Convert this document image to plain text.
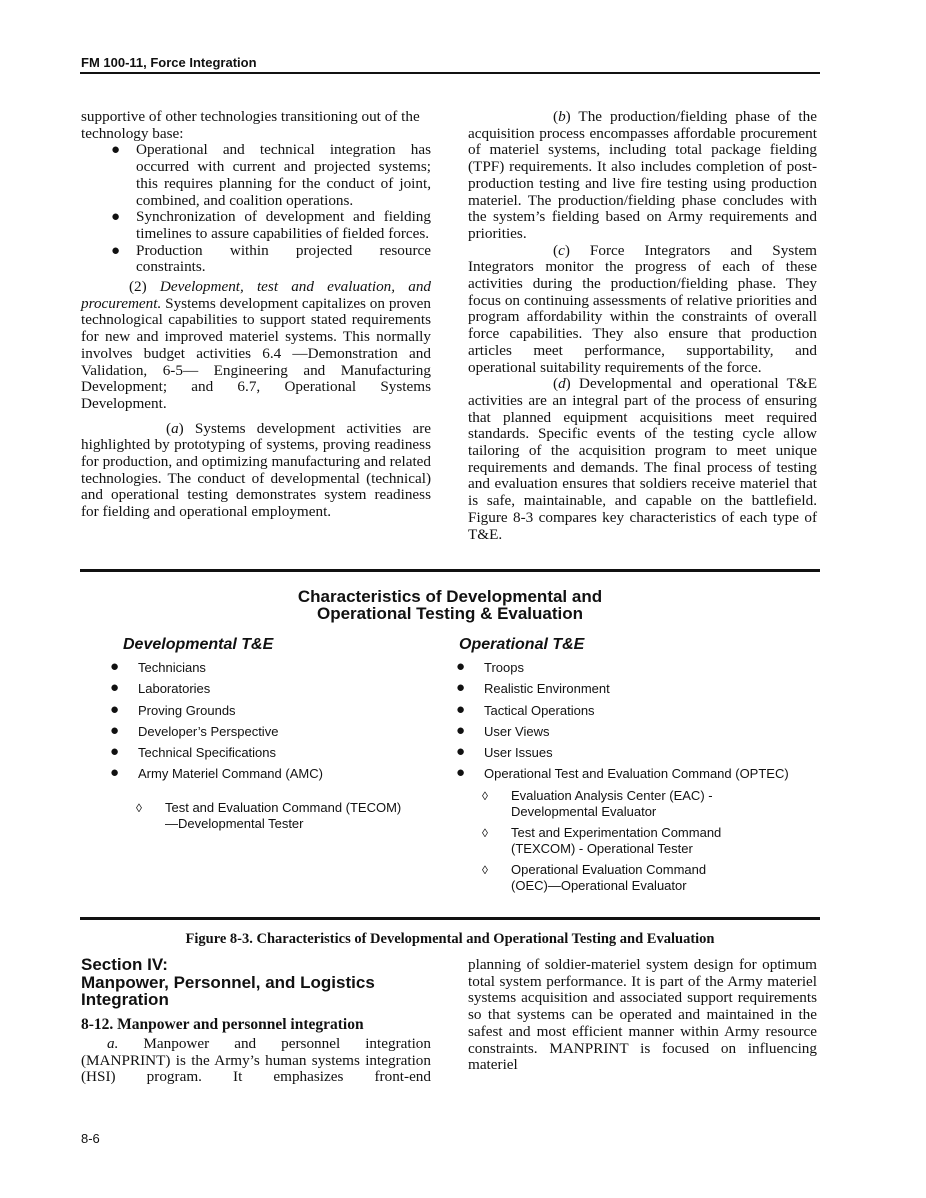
FM 100-11, Force Integration

supportive of other technologies transitioning out of the technology base:

● Operational and technical integration has occurred with current and projected systems; this requires planning for the conduct of joint, combined, and coalition operations.
● Synchronization of development and fielding timelines to assure capabilities of fielded forces.
● Production within projected resource constraints.

(2) Development, test and evaluation, and procurement. Systems development capitalizes on proven technological capabilities to support stated requirements for new and improved materiel systems. This normally involves budget activities 6.4 —Demonstration and Validation, 6-5— Engineering and Manufacturing Development; and 6.7, Operational Systems Development.

(a) Systems development activities are highlighted by prototyping of systems, proving readiness for production, and optimizing manufacturing and related technologies. The conduct of developmental (technical) and operational testing demonstrates system readiness for fielding and operational employment.

(b) The production/fielding phase of the acquisition process encompasses affordable procurement of materiel systems, including total package fielding (TPF) requirements. It also includes completion of post-production testing and live fire testing using production materiel. The production/fielding phase concludes with the system’s fielding based on Army requirements and priorities.

(c) Force Integrators and System Integrators monitor the progress of each of these activities during the production/fielding phase. They focus on continuing assessments of relative priorities and program affordability within the constraints of overall force capabilities. They also ensure that production articles meet performance, supportability, and operational suitability requirements of the force.

(d) Developmental and operational T&E activities are an integral part of the process of ensuring that planned equipment acquisitions meet required standards. Specific events of the testing cycle allow tailoring of the acquisition program to meet unique requirements and demands. The final process of testing and evaluation ensures that soldiers receive materiel that is safe, maintainable, and capable on the battlefield. Figure 8-3 compares key characteristics of each type of T&E.

Characteristics of Developmental and
Operational Testing & Evaluation
Developmental T&E
● Technicians
● Laboratories
● Proving Grounds
● Developer’s Perspective
● Technical Specifications
● Army Materiel Command (AMC)
◊ Test and Evaluation Command (TECOM)—Developmental Tester
Operational T&E
● Troops
● Realistic Environment
● Tactical Operations
● User Views
● User Issues
● Operational Test and Evaluation Command (OPTEC)
◊ Evaluation Analysis Center (EAC) - Developmental Evaluator
◊ Test and Experimentation Command (TEXCOM) - Operational Tester
◊ Operational Evaluation Command (OEC)—Operational Evaluator
Figure 8-3. Characteristics of Developmental and Operational Testing and Evaluation
Section IV:
Manpower, Personnel, and Logistics
Integration
8-12. Manpower and personnel integration

a. Manpower and personnel integration (MANPRINT) is the Army’s human systems integration (HSI) program. It emphasizes front-end

planning of soldier-materiel system design for optimum total system performance. It is part of the Army materiel systems acquisition and associated support requirements so that systems can be operated and maintained in the safest and most efficient manner within Army resource constraints. MANPRINT is focused on influencing materiel

8-6
